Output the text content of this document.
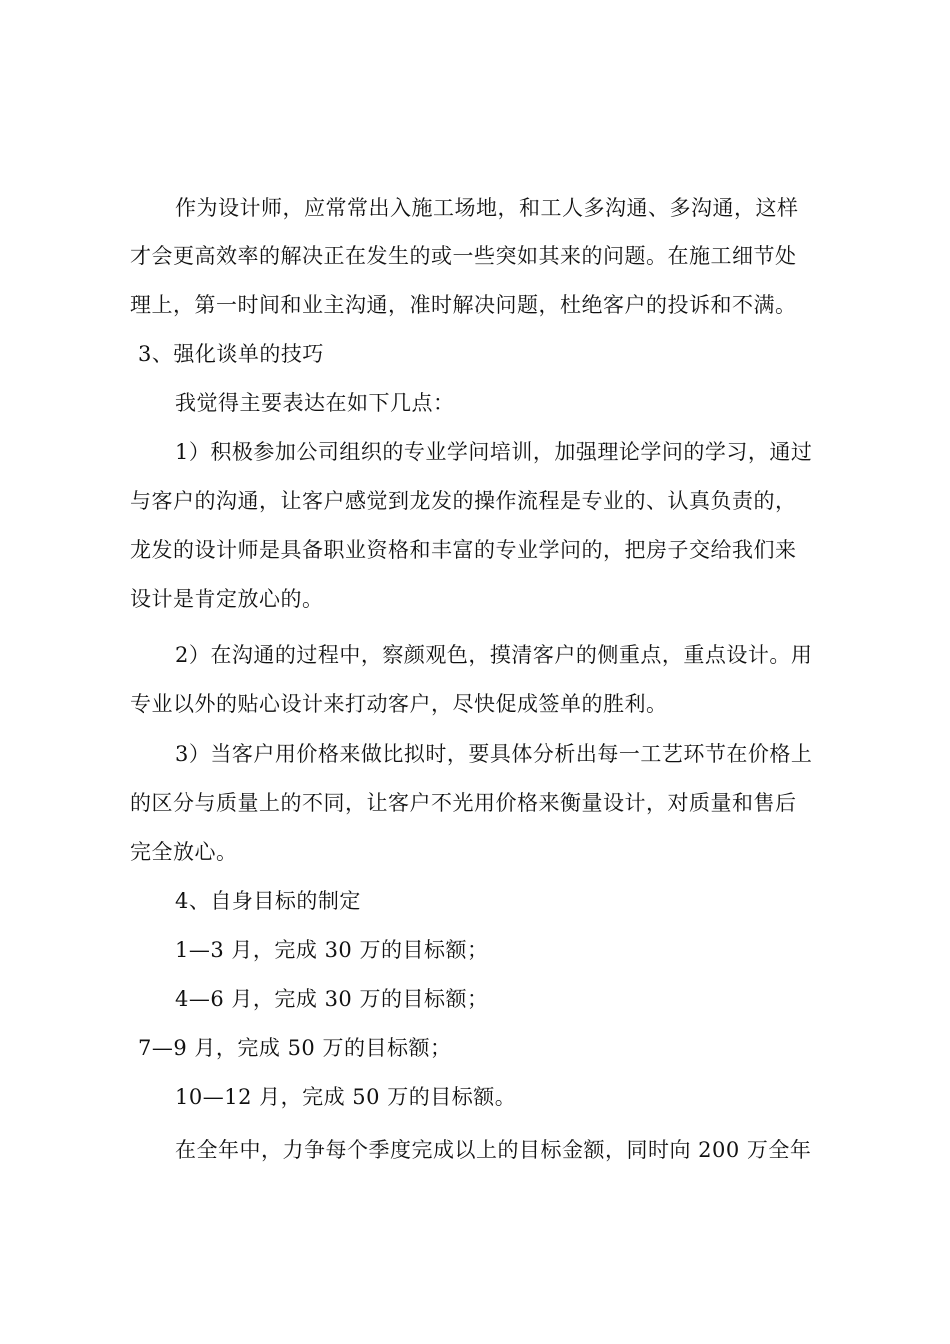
作为设计师，应常常出入施工场地，和工人多沟通、多沟通，这样
才会更高效率的解决正在发生的或一些突如其来的问题。在施工细节处
理上，第一时间和业主沟通，准时解决问题，杜绝客户的投诉和不满。
3、强化谈单的技巧
我觉得主要表达在如下几点：
1）积极参加公司组织的专业学问培训，加强理论学问的学习，通过
与客户的沟通，让客户感觉到龙发的操作流程是专业的、认真负责的，
龙发的设计师是具备职业资格和丰富的专业学问的，把房子交给我们来
设计是肯定放心的。
2）在沟通的过程中，察颜观色，摸清客户的侧重点，重点设计。用
专业以外的贴心设计来打动客户，尽快促成签单的胜利。
3）当客户用价格来做比拟时，要具体分析出每一工艺环节在价格上
的区分与质量上的不同，让客户不光用价格来衡量设计，对质量和售后
完全放心。
4、自身目标的制定
1—3 月，完成 30 万的目标额；
4—6 月，完成 30 万的目标额；
7—9 月，完成 50 万的目标额；
10—12 月，完成 50 万的目标额。
在全年中，力争每个季度完成以上的目标金额，同时向 200 万全年
